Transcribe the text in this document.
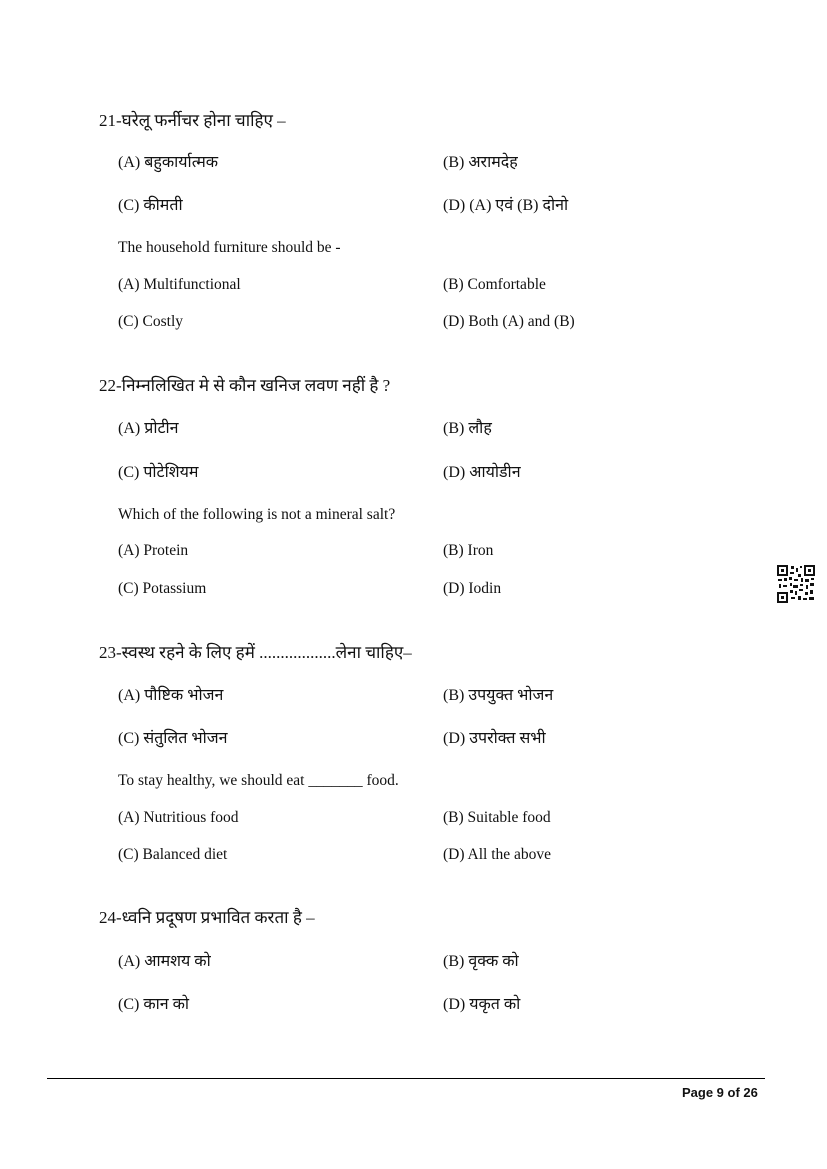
21-घरेलू फर्नीचर होना चाहिए –
(A) बहुकार्यात्मक	(B) अरामदेह
(C) कीमती	(D) (A) एवं (B) दोनो
The household furniture should be -
(A) Multifunctional	(B) Comfortable
(C) Costly	(D) Both (A) and (B)
22-निम्नलिखित मे से कौन खनिज लवण नहीं है ?
(A) प्रोटीन	(B) लौह
(C) पोटेशियम	(D) आयोडीन
Which of the following is not a mineral salt?
(A) Protein	(B) Iron
(C) Potassium	(D) Iodin
23-स्वस्थ रहने के लिए हमें ..................लेना चाहिए–
(A) पौष्टिक भोजन	(B) उपयुक्त भोजन
(C) संतुलित भोजन	(D) उपरोक्त सभी
To stay healthy, we should eat _______ food.
(A) Nutritious food	(B) Suitable food
(C) Balanced diet	(D) All the above
24-ध्वनि प्रदूषण प्रभावित करता है –
(A) आमशय को	(B) वृक्क को
(C) कान को	(D) यकृत को
Page 9 of 26
